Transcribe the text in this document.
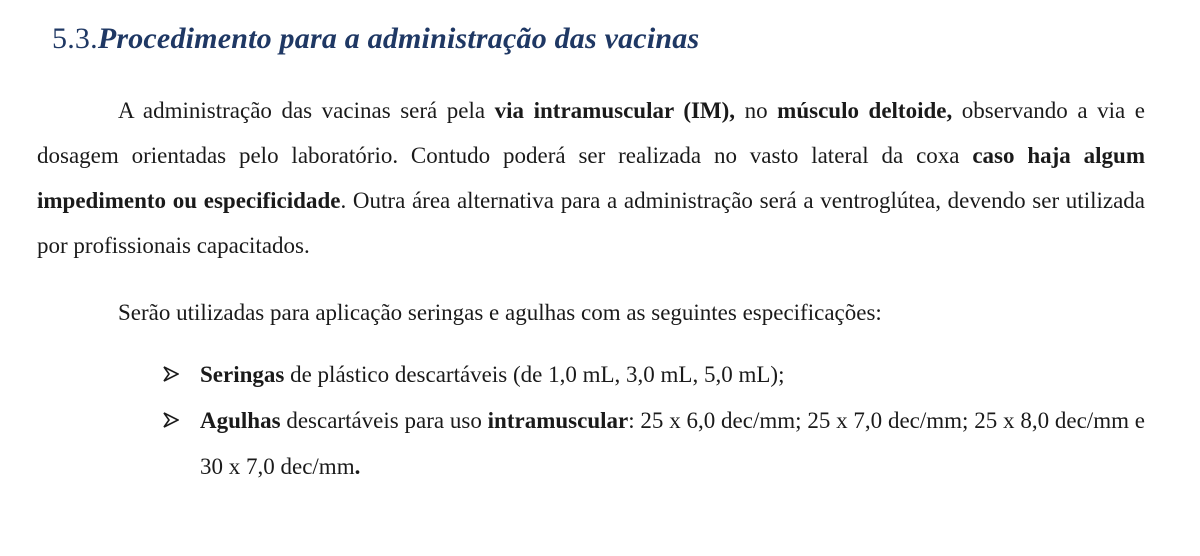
5.3.Procedimento para a administração das vacinas

A administração das vacinas será pela via intramuscular (IM), no músculo deltoide, observando a via e dosagem orientadas pelo laboratório. Contudo poderá ser realizada no vasto lateral da coxa caso haja algum impedimento ou especificidade. Outra área alternativa para a administração será a ventroglútea, devendo ser utilizada por profissionais capacitados.

Serão utilizadas para aplicação seringas e agulhas com as seguintes especificações:

Seringas de plástico descartáveis (de 1,0 mL, 3,0 mL, 5,0 mL);
Agulhas descartáveis para uso intramuscular: 25 x 6,0 dec/mm; 25 x 7,0 dec/mm; 25 x 8,0 dec/mm e 30 x 7,0 dec/mm.
